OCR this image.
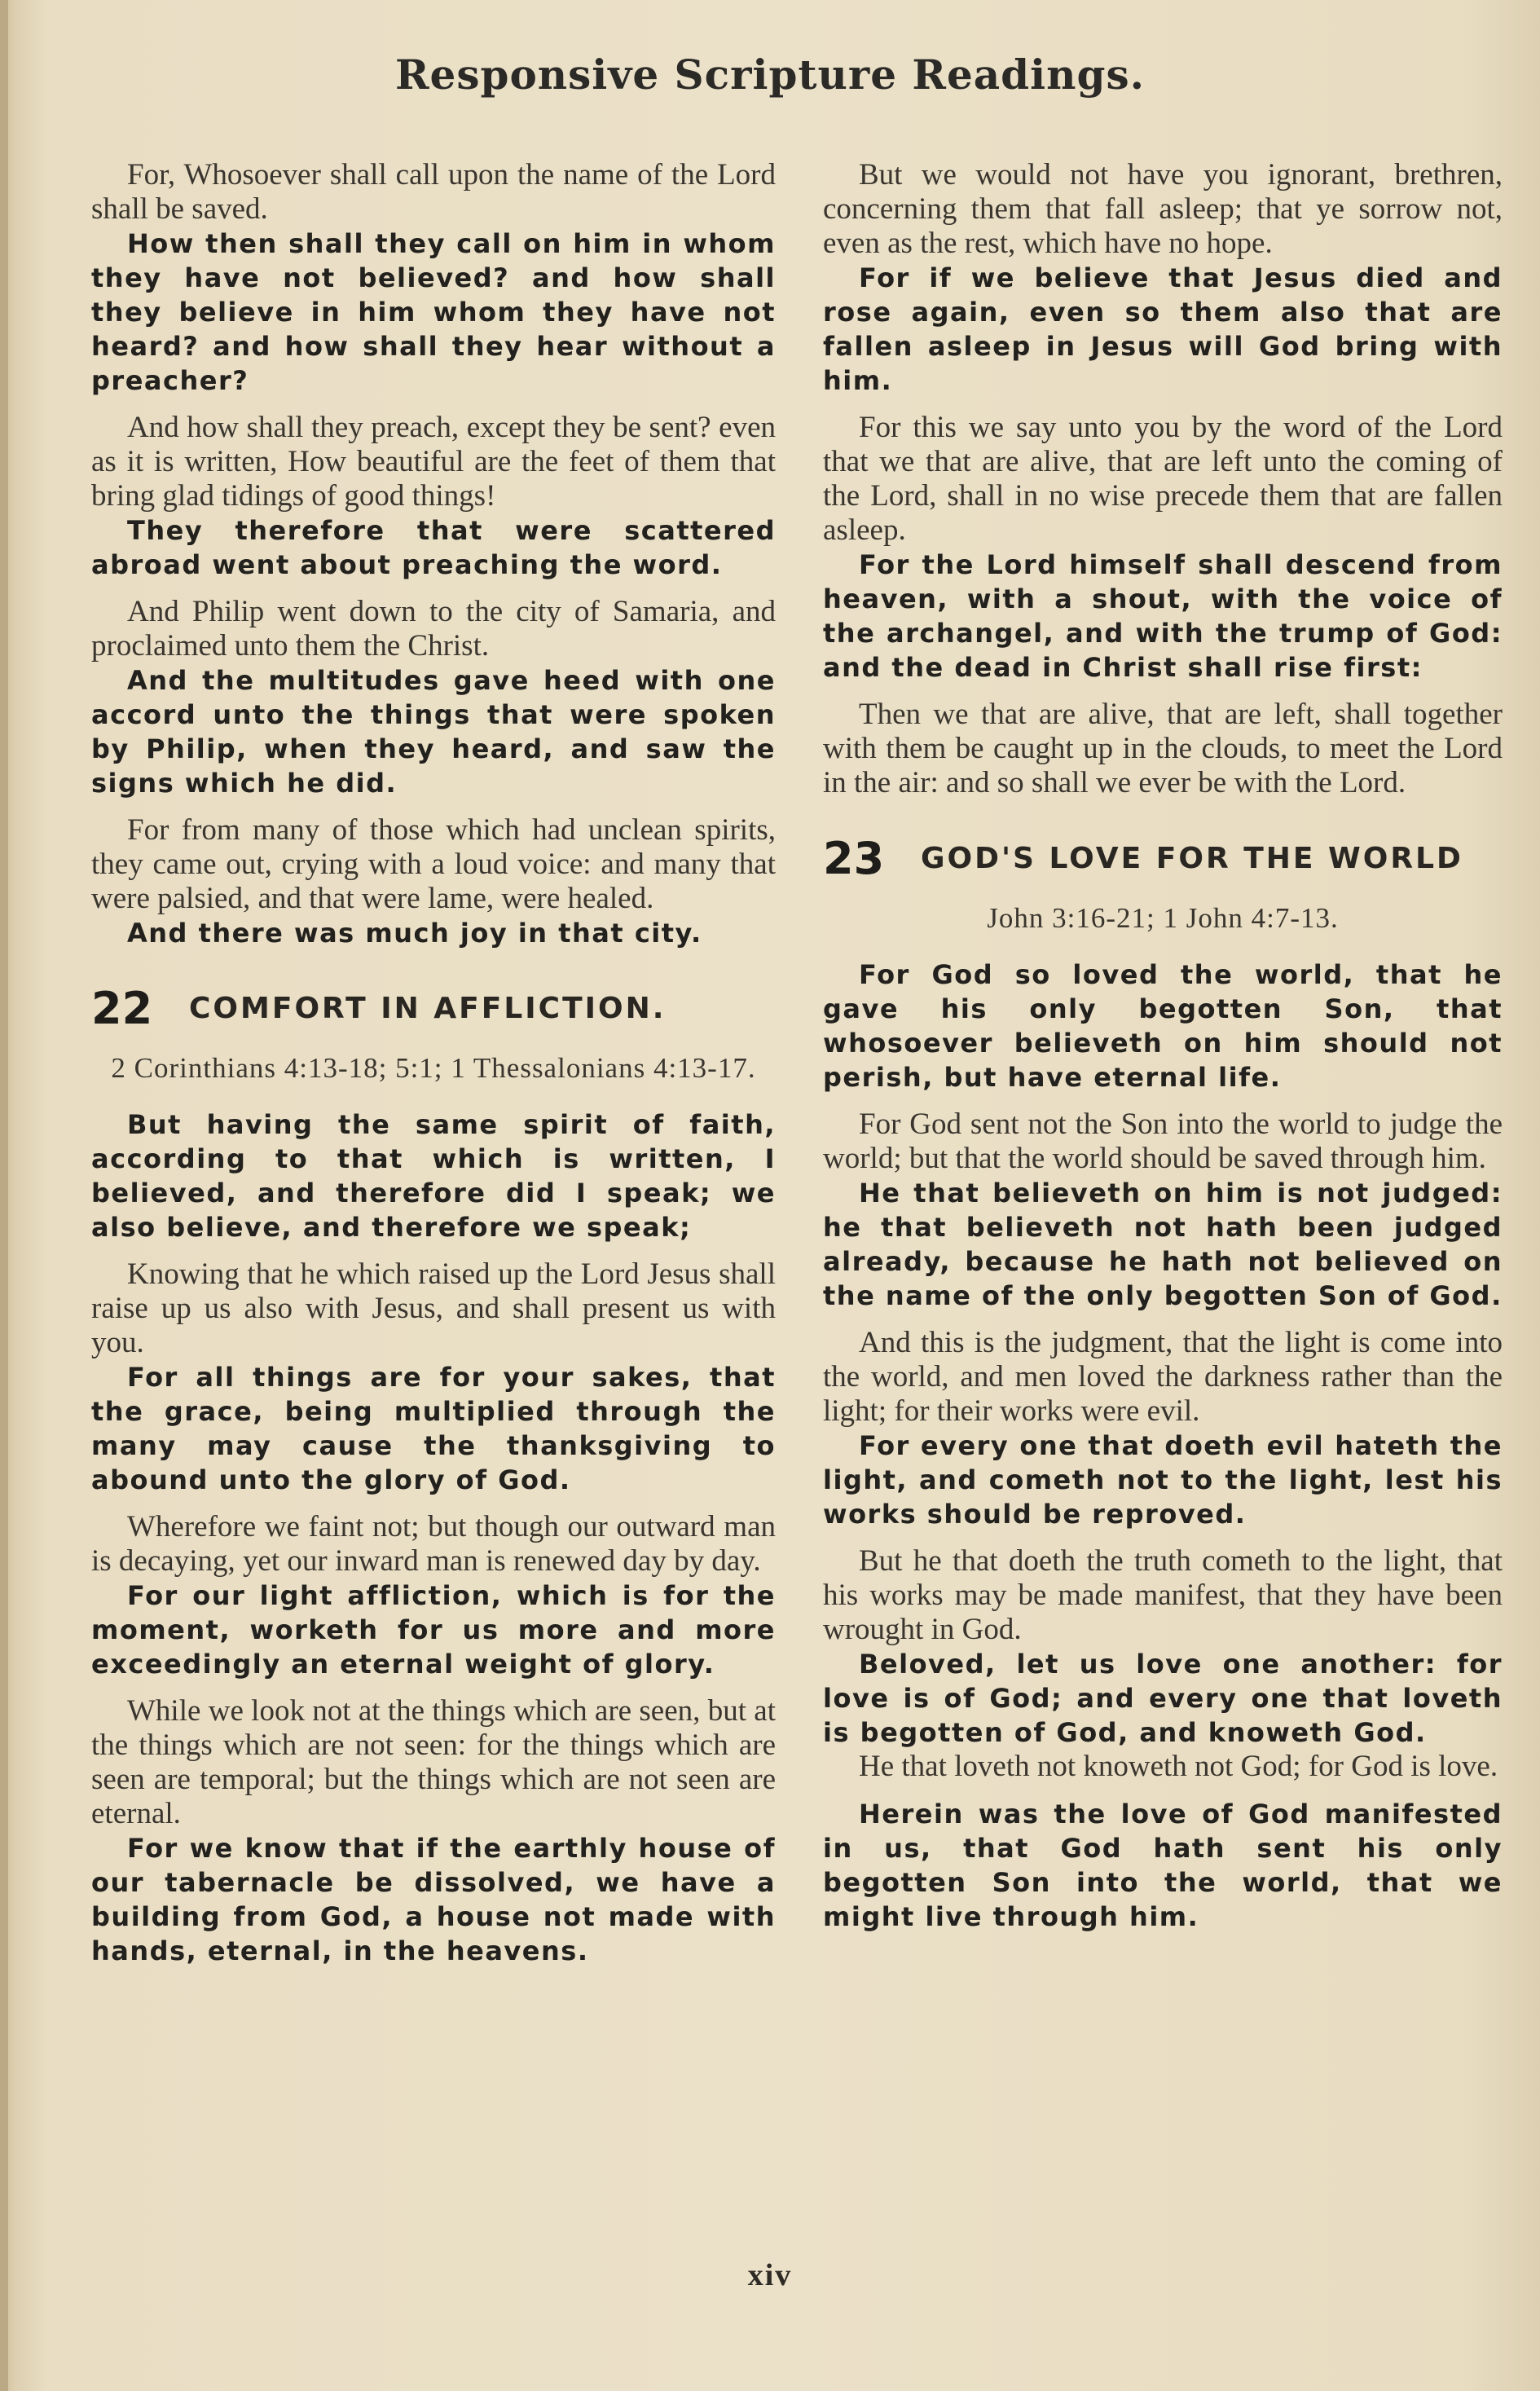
Responsive Scripture Readings.

For, Whosoever shall call upon the name of the Lord shall be saved.

How then shall they call on him in whom they have not believed? and how shall they believe in him whom they have not heard? and how shall they hear without a preacher?

And how shall they preach, except they be sent? even as it is written, How beautiful are the feet of them that bring glad tidings of good things!

They therefore that were scattered abroad went about preaching the word.

And Philip went down to the city of Samaria, and proclaimed unto them the Christ.

And the multitudes gave heed with one accord unto the things that were spoken by Philip, when they heard, and saw the signs which he did.

For from many of those which had unclean spirits, they came out, crying with a loud voice: and many that were palsied, and that were lame, were healed.

And there was much joy in that city.

22	COMFORT IN AFFLICTION.

2 Corinthians 4:13-18; 5:1; 1 Thessalonians 4:13-17.

But having the same spirit of faith, according to that which is written, I believed, and therefore did I speak; we also believe, and therefore we speak;

Knowing that he which raised up the Lord Jesus shall raise up us also with Jesus, and shall present us with you.

For all things are for your sakes, that the grace, being multiplied through the many may cause the thanksgiving to abound unto the glory of God.

Wherefore we faint not; but though our outward man is decaying, yet our inward man is renewed day by day.

For our light affliction, which is for the moment, worketh for us more and more exceedingly an eternal weight of glory.

While we look not at the things which are seen, but at the things which are not seen: for the things which are seen are temporal; but the things which are not seen are eternal.

For we know that if the earthly house of our tabernacle be dissolved, we have a building from God, a house not made with hands, eternal, in the heavens.

But we would not have you ignorant, brethren, concerning them that fall asleep; that ye sorrow not, even as the rest, which have no hope.

For if we believe that Jesus died and rose again, even so them also that are fallen asleep in Jesus will God bring with him.

For this we say unto you by the word of the Lord that we that are alive, that are left unto the coming of the Lord, shall in no wise precede them that are fallen asleep.

For the Lord himself shall descend from heaven, with a shout, with the voice of the archangel, and with the trump of God: and the dead in Christ shall rise first:

Then we that are alive, that are left, shall together with them be caught up in the clouds, to meet the Lord in the air: and so shall we ever be with the Lord.

23	GOD'S LOVE FOR THE WORLD

John 3:16-21; 1 John 4:7-13.

For God so loved the world, that he gave his only begotten Son, that whosoever believeth on him should not perish, but have eternal life.

For God sent not the Son into the world to judge the world; but that the world should be saved through him.

He that believeth on him is not judged: he that believeth not hath been judged already, because he hath not believed on the name of the only begotten Son of God.

And this is the judgment, that the light is come into the world, and men loved the darkness rather than the light; for their works were evil.

For every one that doeth evil hateth the light, and cometh not to the light, lest his works should be reproved.

But he that doeth the truth cometh to the light, that his works may be made manifest, that they have been wrought in God.

Beloved, let us love one another: for love is of God; and every one that loveth is begotten of God, and knoweth God.

He that loveth not knoweth not God; for God is love.

Herein was the love of God manifested in us, that God hath sent his only begotten Son into the world, that we might live through him.

xiv
